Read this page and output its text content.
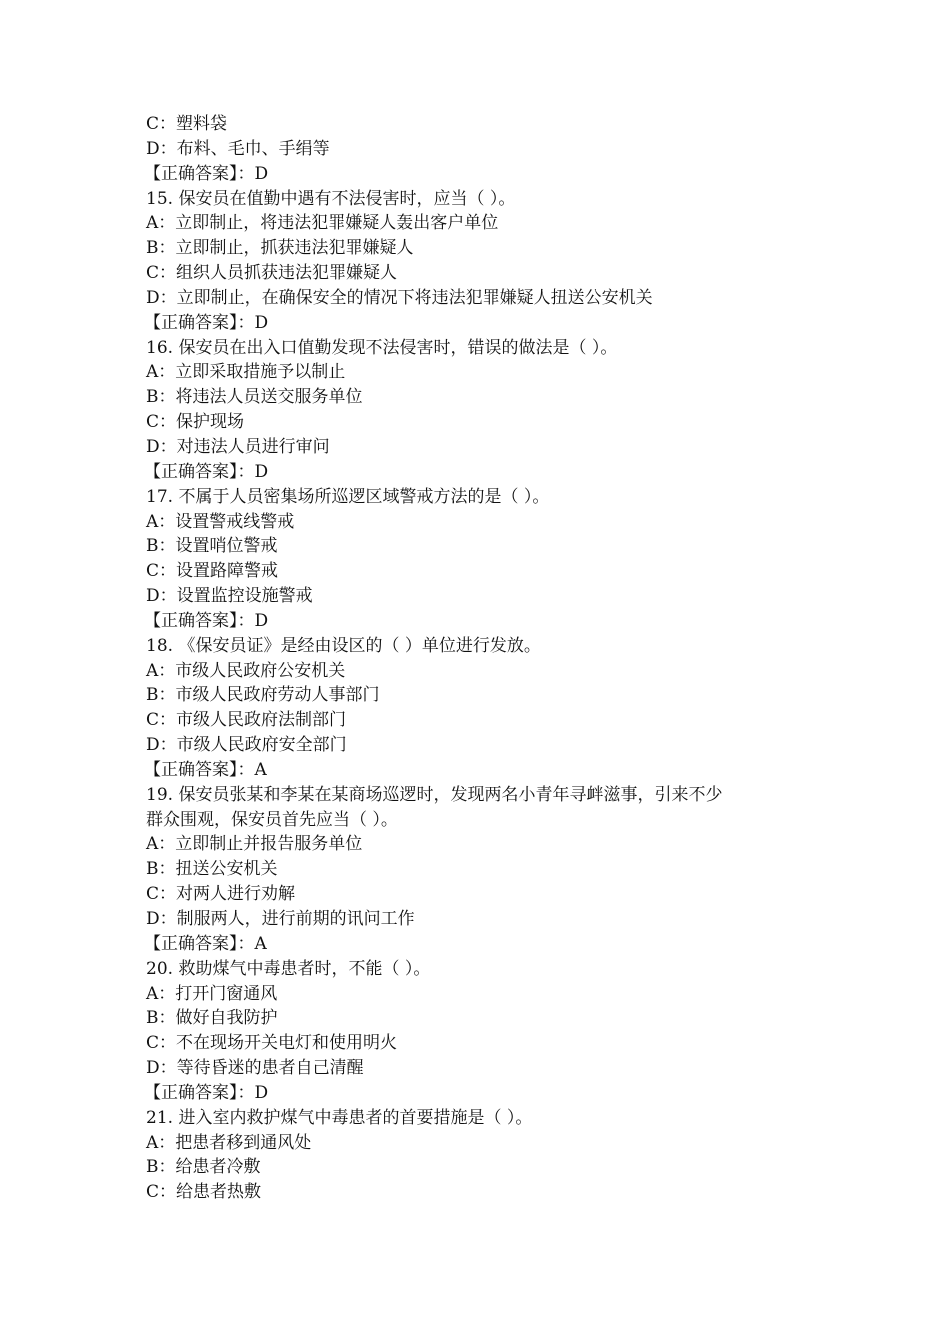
C：塑料袋

D：布料、毛巾、手绢等

【正确答案】：D

15. 保安员在值勤中遇有不法侵害时，应当（ ）。

A：立即制止，将违法犯罪嫌疑人轰出客户单位

B：立即制止，抓获违法犯罪嫌疑人

C：组织人员抓获违法犯罪嫌疑人

D：立即制止，在确保安全的情况下将违法犯罪嫌疑人扭送公安机关

【正确答案】：D

16. 保安员在出入口值勤发现不法侵害时，错误的做法是（ ）。

A：立即采取措施予以制止

B：将违法人员送交服务单位

C：保护现场

D：对违法人员进行审问

【正确答案】：D

17. 不属于人员密集场所巡逻区域警戒方法的是（ ）。

A：设置警戒线警戒

B：设置哨位警戒

C：设置路障警戒

D：设置监控设施警戒

【正确答案】：D

18. 《保安员证》是经由设区的（ ）单位进行发放。

A：市级人民政府公安机关

B：市级人民政府劳动人事部门

C：市级人民政府法制部门

D：市级人民政府安全部门

【正确答案】：A

19. 保安员张某和李某在某商场巡逻时，发现两名小青年寻衅滋事，引来不少

群众围观，保安员首先应当（ ）。

A：立即制止并报告服务单位

B：扭送公安机关

C：对两人进行劝解

D：制服两人，进行前期的讯问工作

【正确答案】：A

20. 救助煤气中毒患者时，不能（ ）。

A：打开门窗通风

B：做好自我防护

C：不在现场开关电灯和使用明火

D：等待昏迷的患者自己清醒

【正确答案】：D

21. 进入室内救护煤气中毒患者的首要措施是（ ）。

A：把患者移到通风处

B：给患者冷敷

C：给患者热敷
